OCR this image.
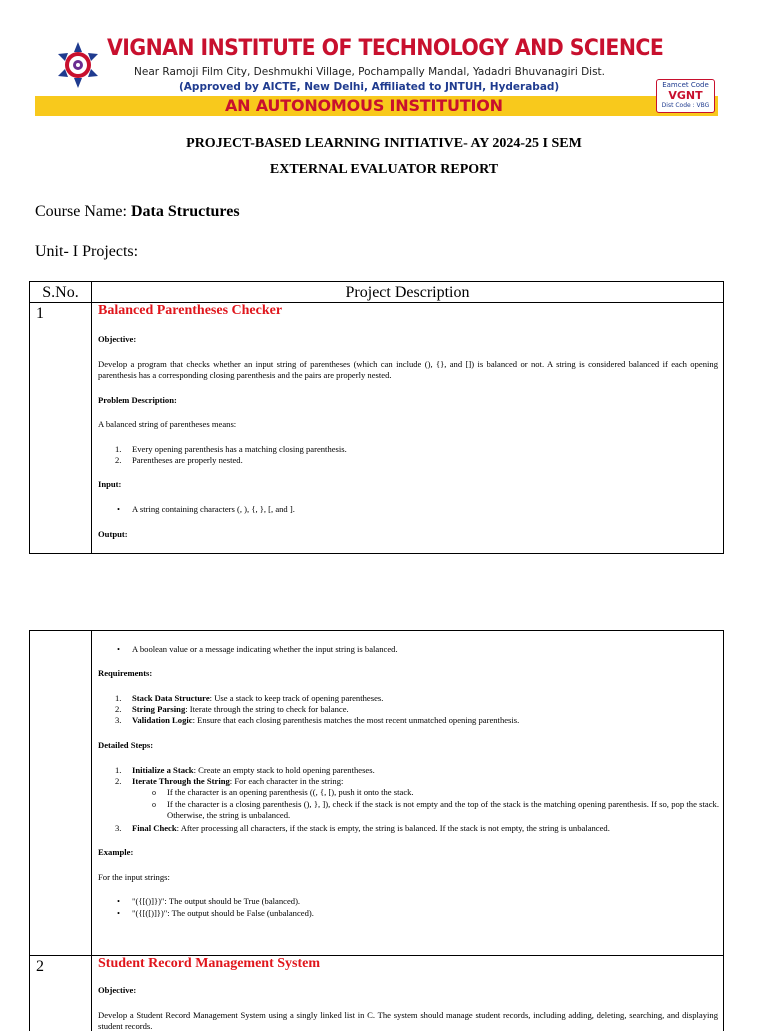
VIGNAN INSTITUTE OF TECHNOLOGY AND SCIENCE
Near Ramoji Film City, Deshmukhi Village, Pochampally Mandal, Yadadri Bhuvanagiri Dist.
(Approved by AICTE, New Delhi, Affiliated to JNTUH, Hyderabad)
AN AUTONOMOUS INSTITUTION
Eamcet Code
VGNT
Dist Code : VBG
PROJECT-BASED LEARNING INITIATIVE- AY 2024-25 I SEM
EXTERNAL EVALUATOR REPORT
Course Name: Data Structures
Unit- I Projects:
S.No.	Project Description
1	Balanced Parentheses Checker
Objective:
Develop a program that checks whether an input string of parentheses (which can include (), {}, and []) is balanced or not. A string is considered balanced if each opening parenthesis has a corresponding closing parenthesis and the pairs are properly nested.
Problem Description:
A balanced string of parentheses means:
1. Every opening parenthesis has a matching closing parenthesis.
2. Parentheses are properly nested.
Input:
• A string containing characters (, ), {, }, [, and ].
Output:
• A boolean value or a message indicating whether the input string is balanced.
Requirements:
1. Stack Data Structure: Use a stack to keep track of opening parentheses.
2. String Parsing: Iterate through the string to check for balance.
3. Validation Logic: Ensure that each closing parenthesis matches the most recent unmatched opening parenthesis.
Detailed Steps:
1. Initialize a Stack: Create an empty stack to hold opening parentheses.
2. Iterate Through the String: For each character in the string:
o If the character is an opening parenthesis ((, {, [), push it onto the stack.
o If the character is a closing parenthesis (), }, ]), check if the stack is not empty and the top of the stack is the matching opening parenthesis. If so, pop the stack. Otherwise, the string is unbalanced.
3. Final Check: After processing all characters, if the stack is empty, the string is balanced. If the stack is not empty, the string is unbalanced.
Example:
For the input strings:
• "({[()]})": The output should be True (balanced).
• "({[([)]})": The output should be False (unbalanced).
2	Student Record Management System
Objective:
Develop a Student Record Management System using a singly linked list in C. The system should manage student records, including adding, deleting, searching, and displaying student records.
